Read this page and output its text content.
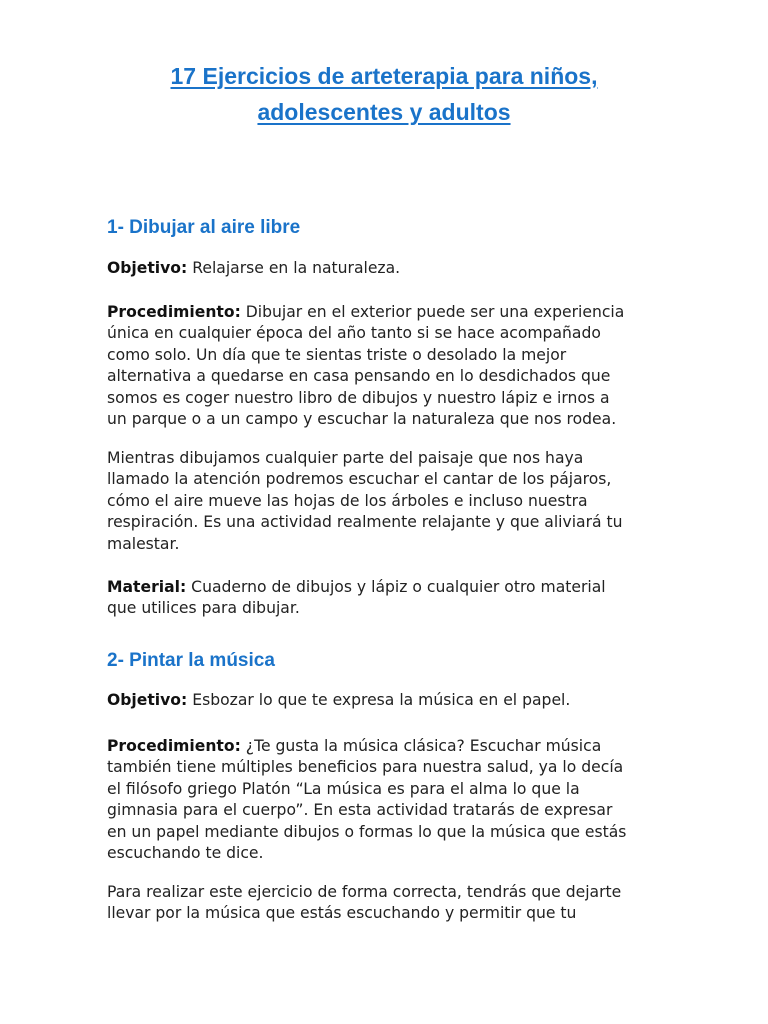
17 Ejercicios de arteterapia para niños,
adolescentes y adultos
1- Dibujar al aire libre

Objetivo: Relajarse en la naturaleza.

Procedimiento: Dibujar en el exterior puede ser una experiencia
única en cualquier época del año tanto si se hace acompañado
como solo. Un día que te sientas triste o desolado la mejor
alternativa a quedarse en casa pensando en lo desdichados que
somos es coger nuestro libro de dibujos y nuestro lápiz e irnos a
un parque o a un campo y escuchar la naturaleza que nos rodea.

Mientras dibujamos cualquier parte del paisaje que nos haya
llamado la atención podremos escuchar el cantar de los pájaros,
cómo el aire mueve las hojas de los árboles e incluso nuestra
respiración. Es una actividad realmente relajante y que aliviará tu
malestar.

Material: Cuaderno de dibujos y lápiz o cualquier otro material
que utilices para dibujar.

2- Pintar la música

Objetivo: Esbozar lo que te expresa la música en el papel.

Procedimiento: ¿Te gusta la música clásica? Escuchar música
también tiene múltiples beneficios para nuestra salud, ya lo decía
el filósofo griego Platón “La música es para el alma lo que la
gimnasia para el cuerpo”. En esta actividad tratarás de expresar
en un papel mediante dibujos o formas lo que la música que estás
escuchando te dice.

Para realizar este ejercicio de forma correcta, tendrás que dejarte
llevar por la música que estás escuchando y permitir que tu
